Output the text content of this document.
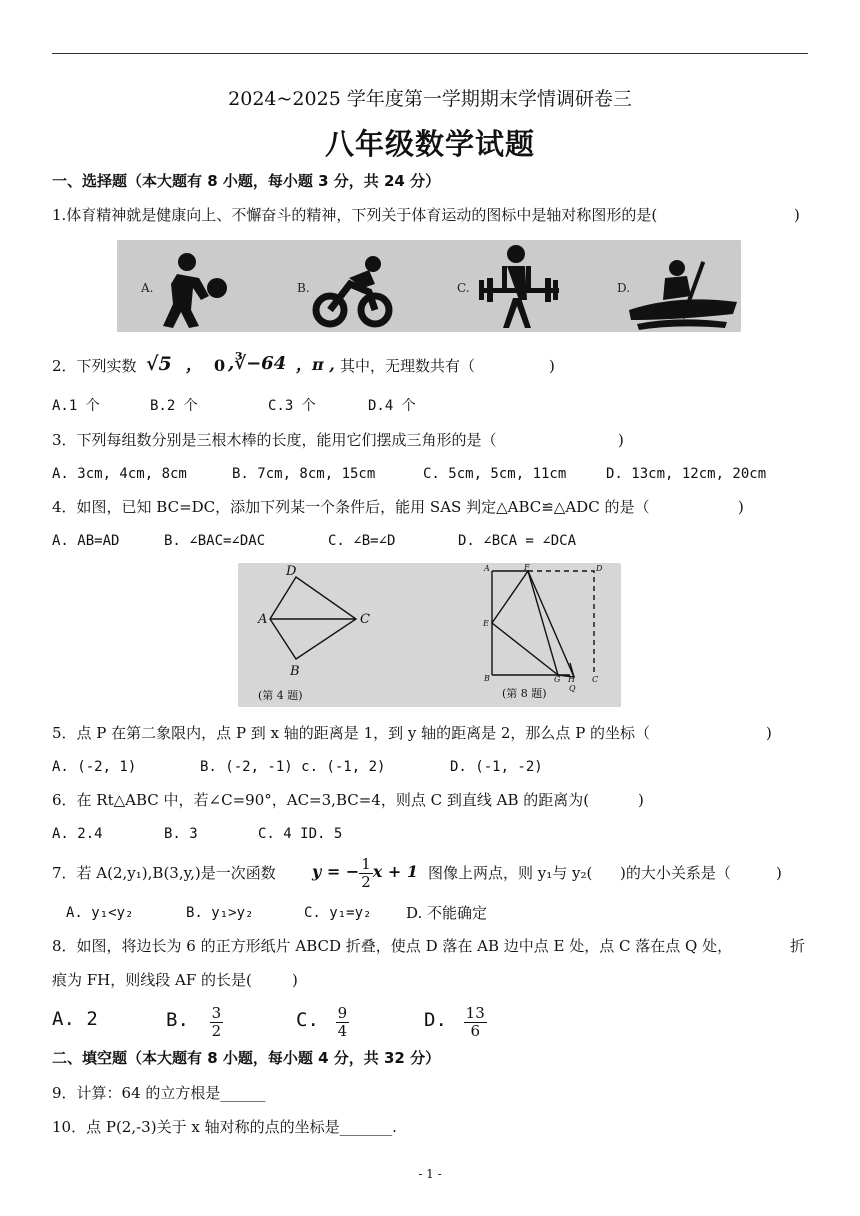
2024~2025 学年度第一学期期末学情调研卷三
八年级数学试题
一、选择题（本大题有 8 小题，每小题 3 分，共 24 分）
1.体育精神就是健康向上、不懈奋斗的精神，下列关于体育运动的图标中是轴对称图形的是(	)
A.	B.	C.	D.
2．下列实数 √5 ， 0 ,∛−64 ，π , 其中，无理数共有（	)
A.1 个	B.2 个	C.3 个	D.4 个
3．下列每组数分别是三根木棒的长度，能用它们摆成三角形的是（	)
A. 3cm, 4cm, 8cm	B. 7cm, 8cm, 15cm	C. 5cm, 5cm, 11cm	D. 13cm, 12cm, 20cm
4．如图，已知 BC=DC，添加下列某一个条件后，能用 SAS 判定△ABC≌△ADC 的是（	)
A. AB=AD	B. ∠BAC=∠DAC	C. ∠B=∠D	D. ∠BCA = ∠DCA
D
A	C
B
(第 4 题)
A	F	D
E
B	G H C
Q
(第 8 题)
5．点 P 在第二象限内，点 P 到 x 轴的距离是 1，到 y 轴的距离是 2，那么点 P 的坐标（	)
A. (-2, 1)	B. (-2, -1) c. (-1, 2)	D. (-1, -2)
6．在 Rt△ABC 中，若∠C=90°，AC=3,BC=4，则点 C 到直线 AB 的距离为(	)
A. 2.4	B. 3	C. 4 ID. 5
7．若 A(2,y₁),B(3,y,)是一次函数 y = − $\frac{1}{2}$ x + 1 图像上两点，则 y₁与 y₂( )的大小关系是（	)
A. y₁<y₂	B. y₁>y₂	C. y₁=y₂ D. 不能确定
8．如图，将边长为 6 的正方形纸片 ABCD 折叠，使点 D 落在 AB 边中点 E 处，点 C 落在点 Q 处，	折
痕为 FH，则线段 AF 的长是(	)
A. 2	B. $\frac{3}{2}$	C. $\frac{9}{4}$	D. $\frac{13}{6}$
二、填空题（本大题有 8 小题，每小题 4 分，共 32 分）
9．计算：64 的立方根是______
10．点 P(2,-3)关于 x 轴对称的点的坐标是_______.
- 1 -
